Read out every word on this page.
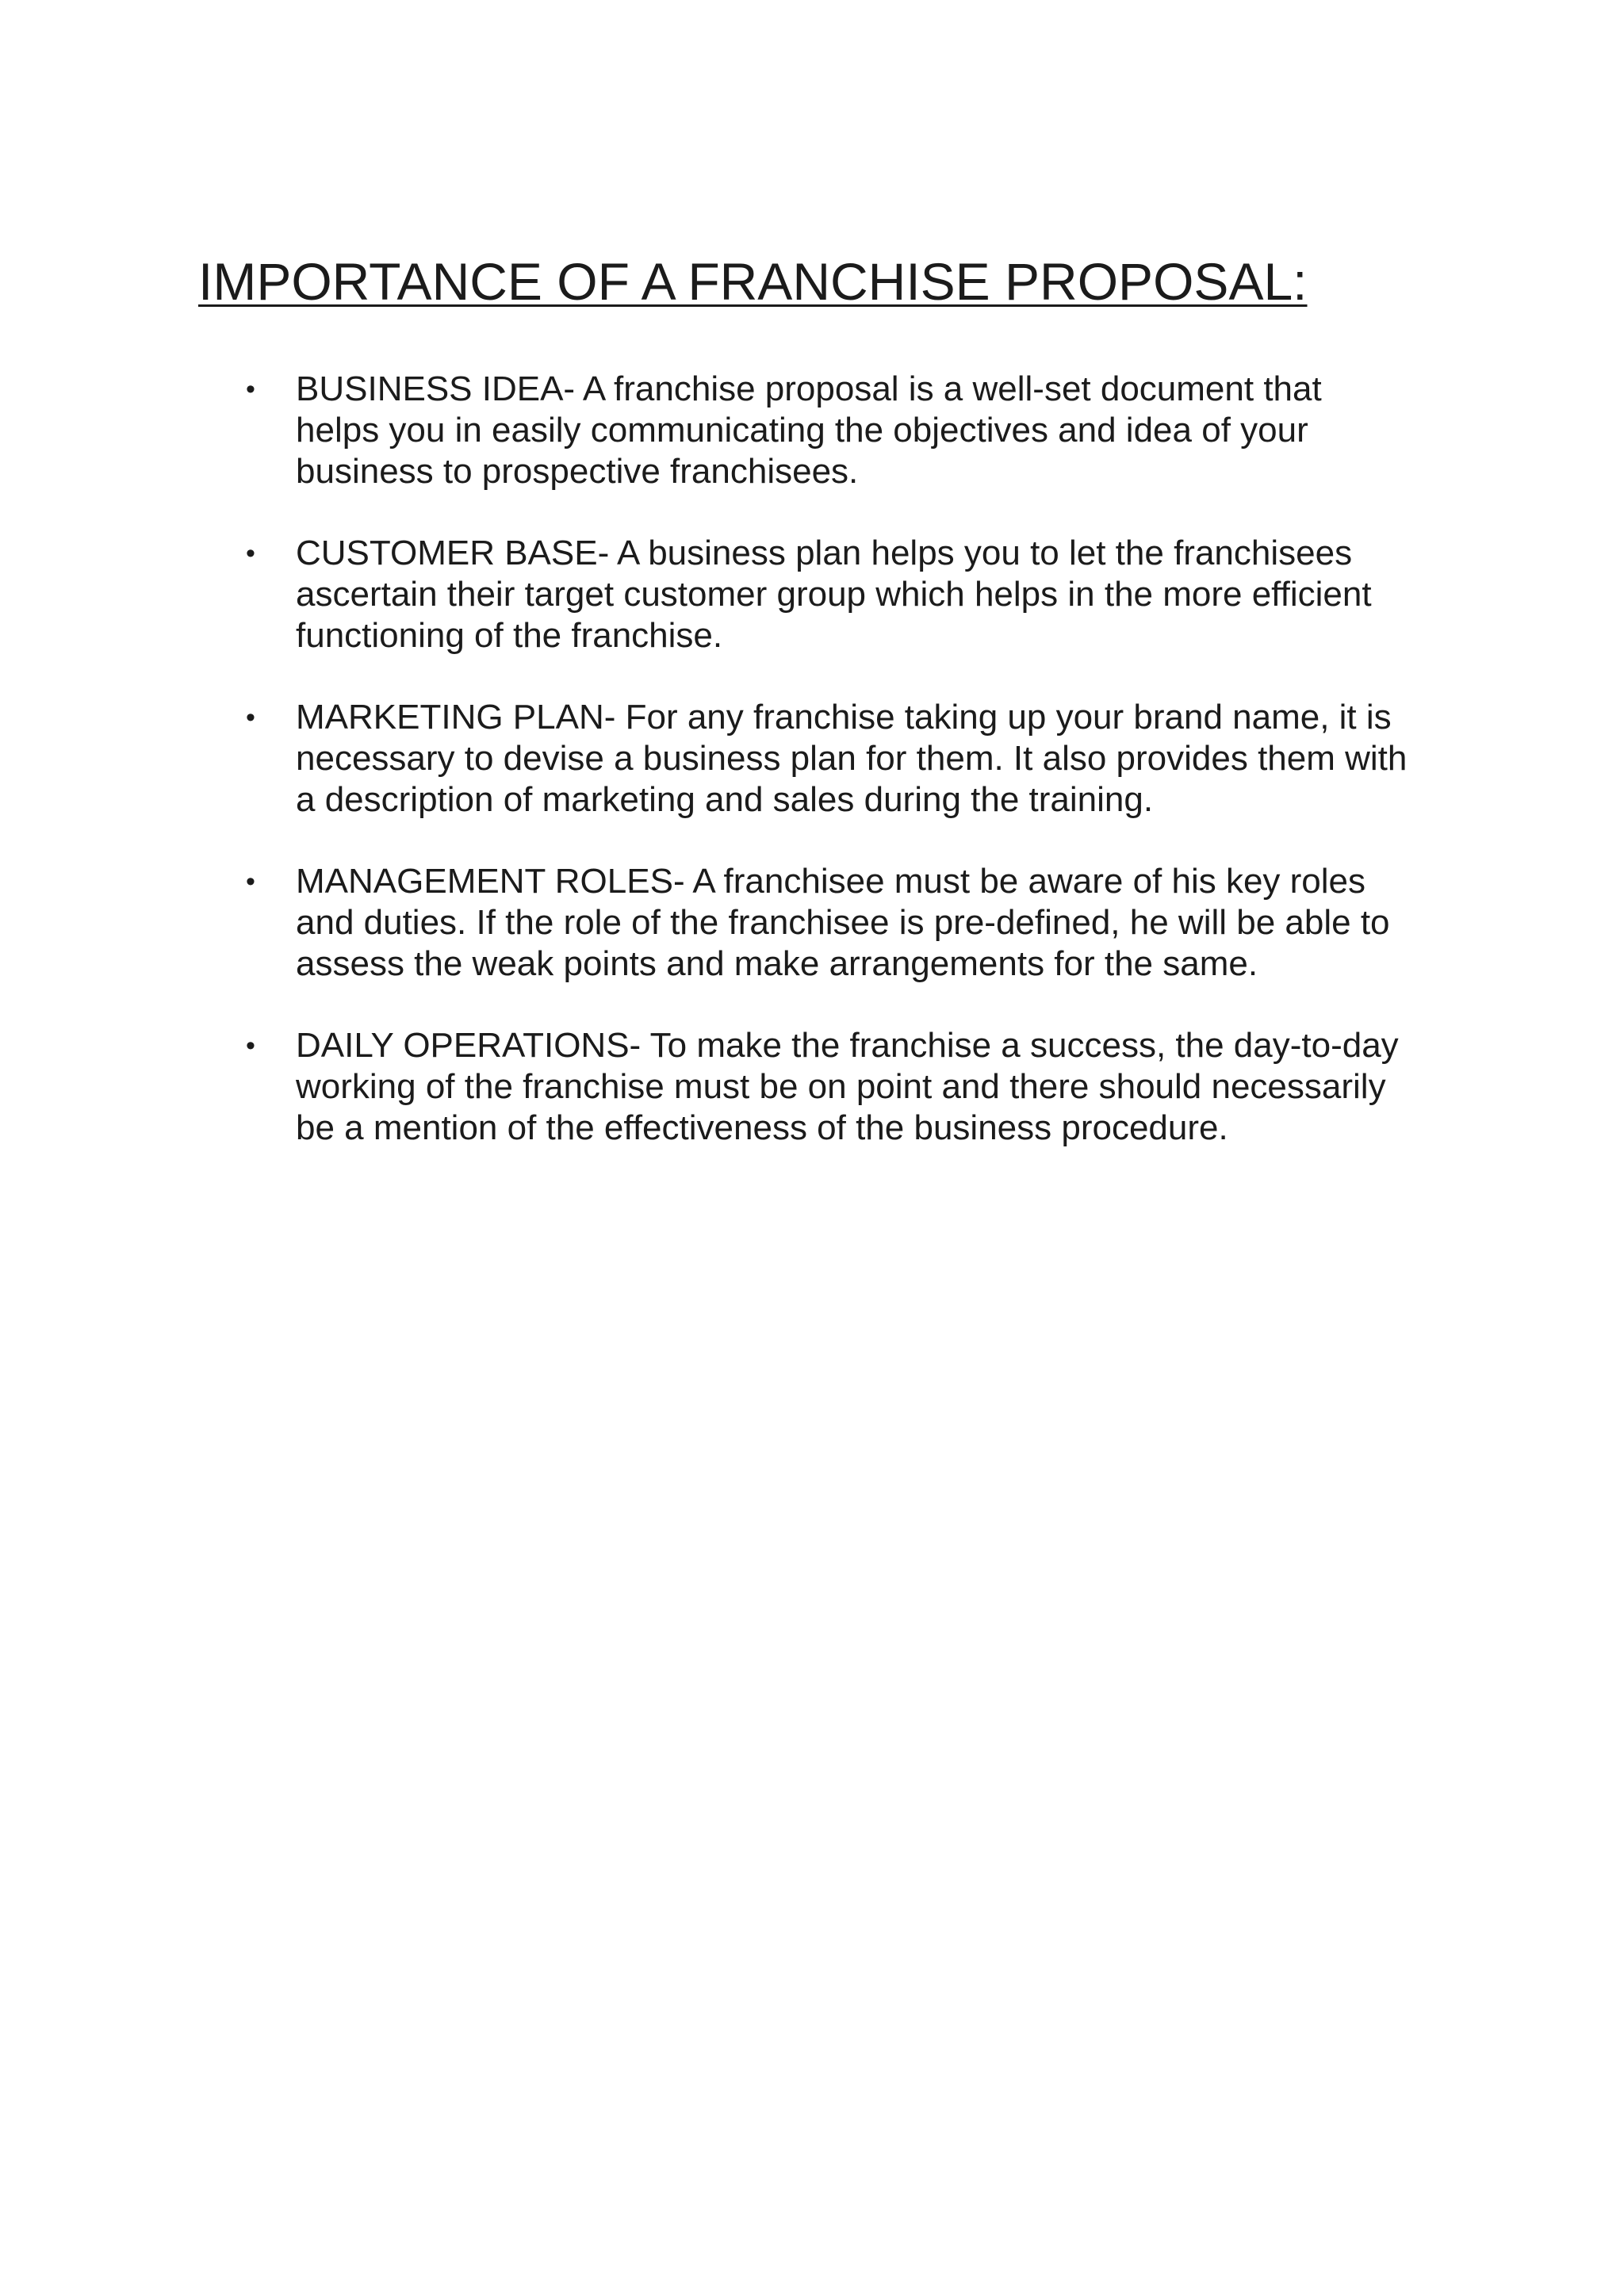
IMPORTANCE OF A FRANCHISE PROPOSAL:
• BUSINESS IDEA- A franchise proposal is a well-set document that
helps you in easily communicating the objectives and idea of your
business to prospective franchisees.
• CUSTOMER BASE- A business plan helps you to let the franchisees
ascertain their target customer group which helps in the more efficient
functioning of the franchise.
• MARKETING PLAN- For any franchise taking up your brand name, it is
necessary to devise a business plan for them. It also provides them with
a description of marketing and sales during the training.
• MANAGEMENT ROLES- A franchisee must be aware of his key roles
and duties. If the role of the franchisee is pre-defined, he will be able to
assess the weak points and make arrangements for the same.
• DAILY OPERATIONS- To make the franchise a success, the day-to-day
working of the franchise must be on point and there should necessarily
be a mention of the effectiveness of the business procedure.
